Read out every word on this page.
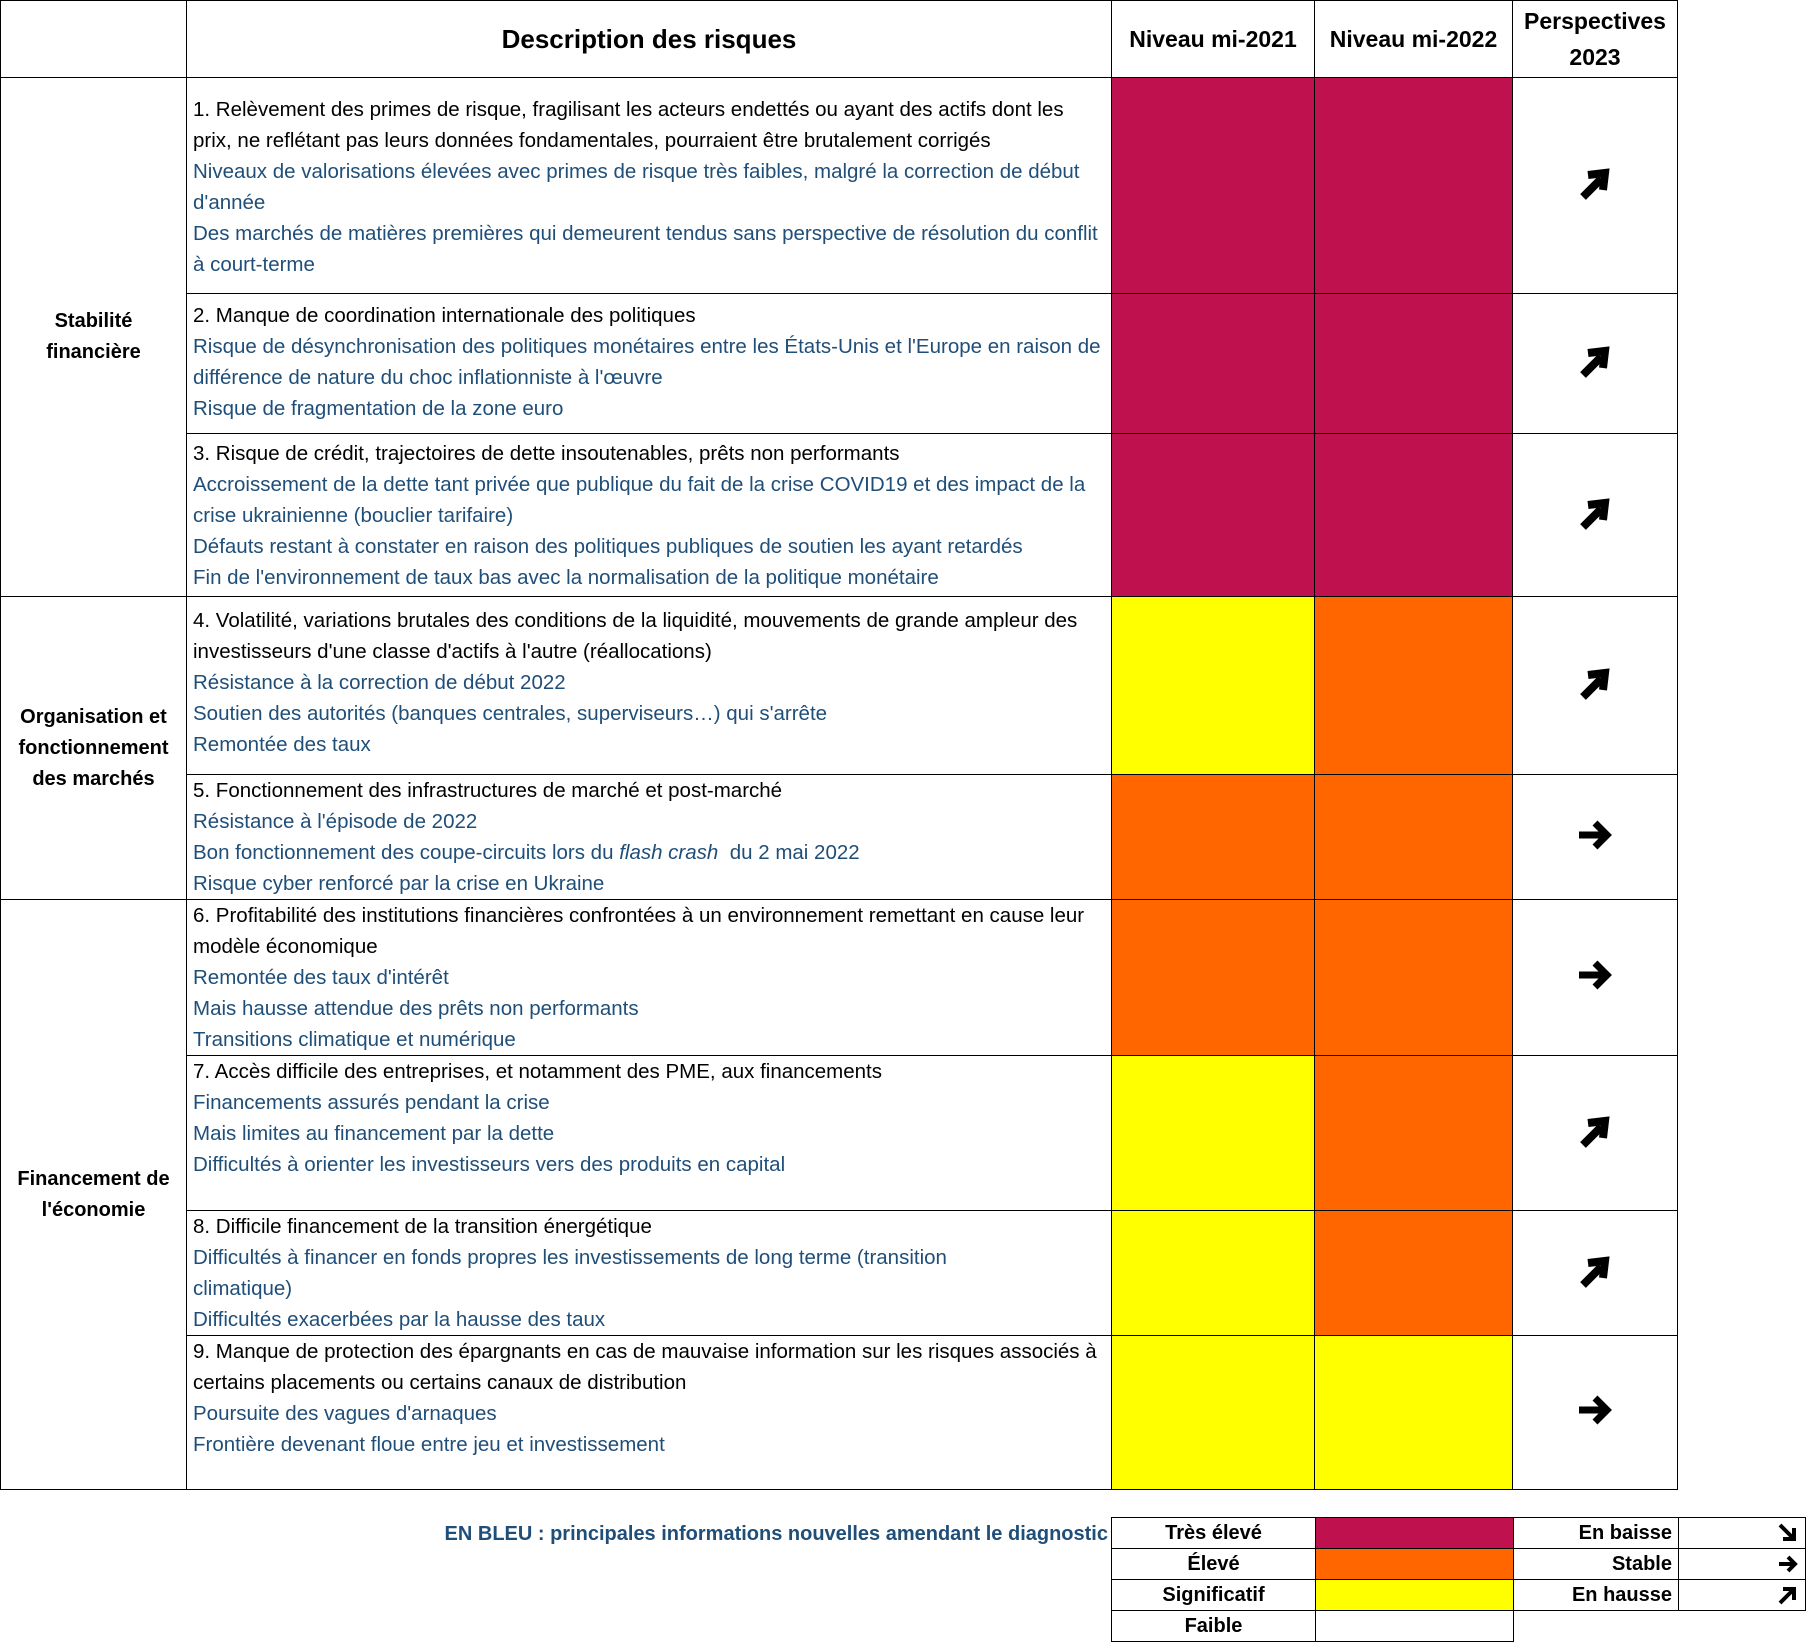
	Description des risques	Niveau mi-2021	Niveau mi-2022	Perspectives 2023
Stabilité financière	1. Relèvement des primes de risque, fragilisant les acteurs endettés ou ayant des actifs dont les prix, ne reflétant pas leurs données fondamentales, pourraient être brutalement corrigés
Niveaux de valorisations élevées avec primes de risque très faibles, malgré la correction de début d'année
Des marchés de matières premières qui demeurent tendus sans perspective de résolution du conflit à court-terme

	2. Manque de coordination internationale des politiques
Risque de désynchronisation des politiques monétaires entre les États-Unis et l'Europe en raison de différence de nature du choc inflationniste à l'œuvre
Risque de fragmentation de la zone euro

	3. Risque de crédit, trajectoires de dette insoutenables, prêts non performants
Accroissement de la dette tant privée que publique du fait de la crise COVID19 et des impact de la crise ukrainienne (bouclier tarifaire)
Défauts restant à constater en raison des politiques publiques de soutien les ayant retardés
Fin de l'environnement de taux bas avec la normalisation de la politique monétaire

Organisation et fonctionnement des marchés	4. Volatilité, variations brutales des conditions de la liquidité, mouvements de grande ampleur des investisseurs d'une classe d'actifs à l'autre (réallocations)
Résistance à la correction de début 2022
Soutien des autorités (banques centrales, superviseurs…) qui s'arrête
Remontée des taux

	5. Fonctionnement des infrastructures de marché et post-marché
Résistance à l'épisode de 2022
Bon fonctionnement des coupe-circuits lors du flash crash  du 2 mai 2022
Risque cyber renforcé par la crise en Ukraine

Financement de l'économie	6. Profitabilité des institutions financières confrontées à un environnement remettant en cause leur modèle économique
Remontée des taux d'intérêt
Mais hausse attendue des prêts non performants
Transitions climatique et numérique

	7. Accès difficile des entreprises, et notamment des PME, aux financements
Financements assurés pendant la crise
Mais limites au financement par la dette
Difficultés à orienter les investisseurs vers des produits en capital

	8. Difficile financement de la transition énergétique
Difficultés à financer en fonds propres les investissements de long terme (transition climatique)
Difficultés exacerbées par la hausse des taux

	9. Manque de protection des épargnants en cas de mauvaise information sur les risques associés à certains placements ou certains canaux de distribution
Poursuite des vagues d'arnaques
Frontière devenant floue entre jeu et investissement

EN BLEU : principales informations nouvelles amendant le diagnostic	Très élevé		En baisse	

Élevé		Stable	

Significatif		En hausse	

Faible			
